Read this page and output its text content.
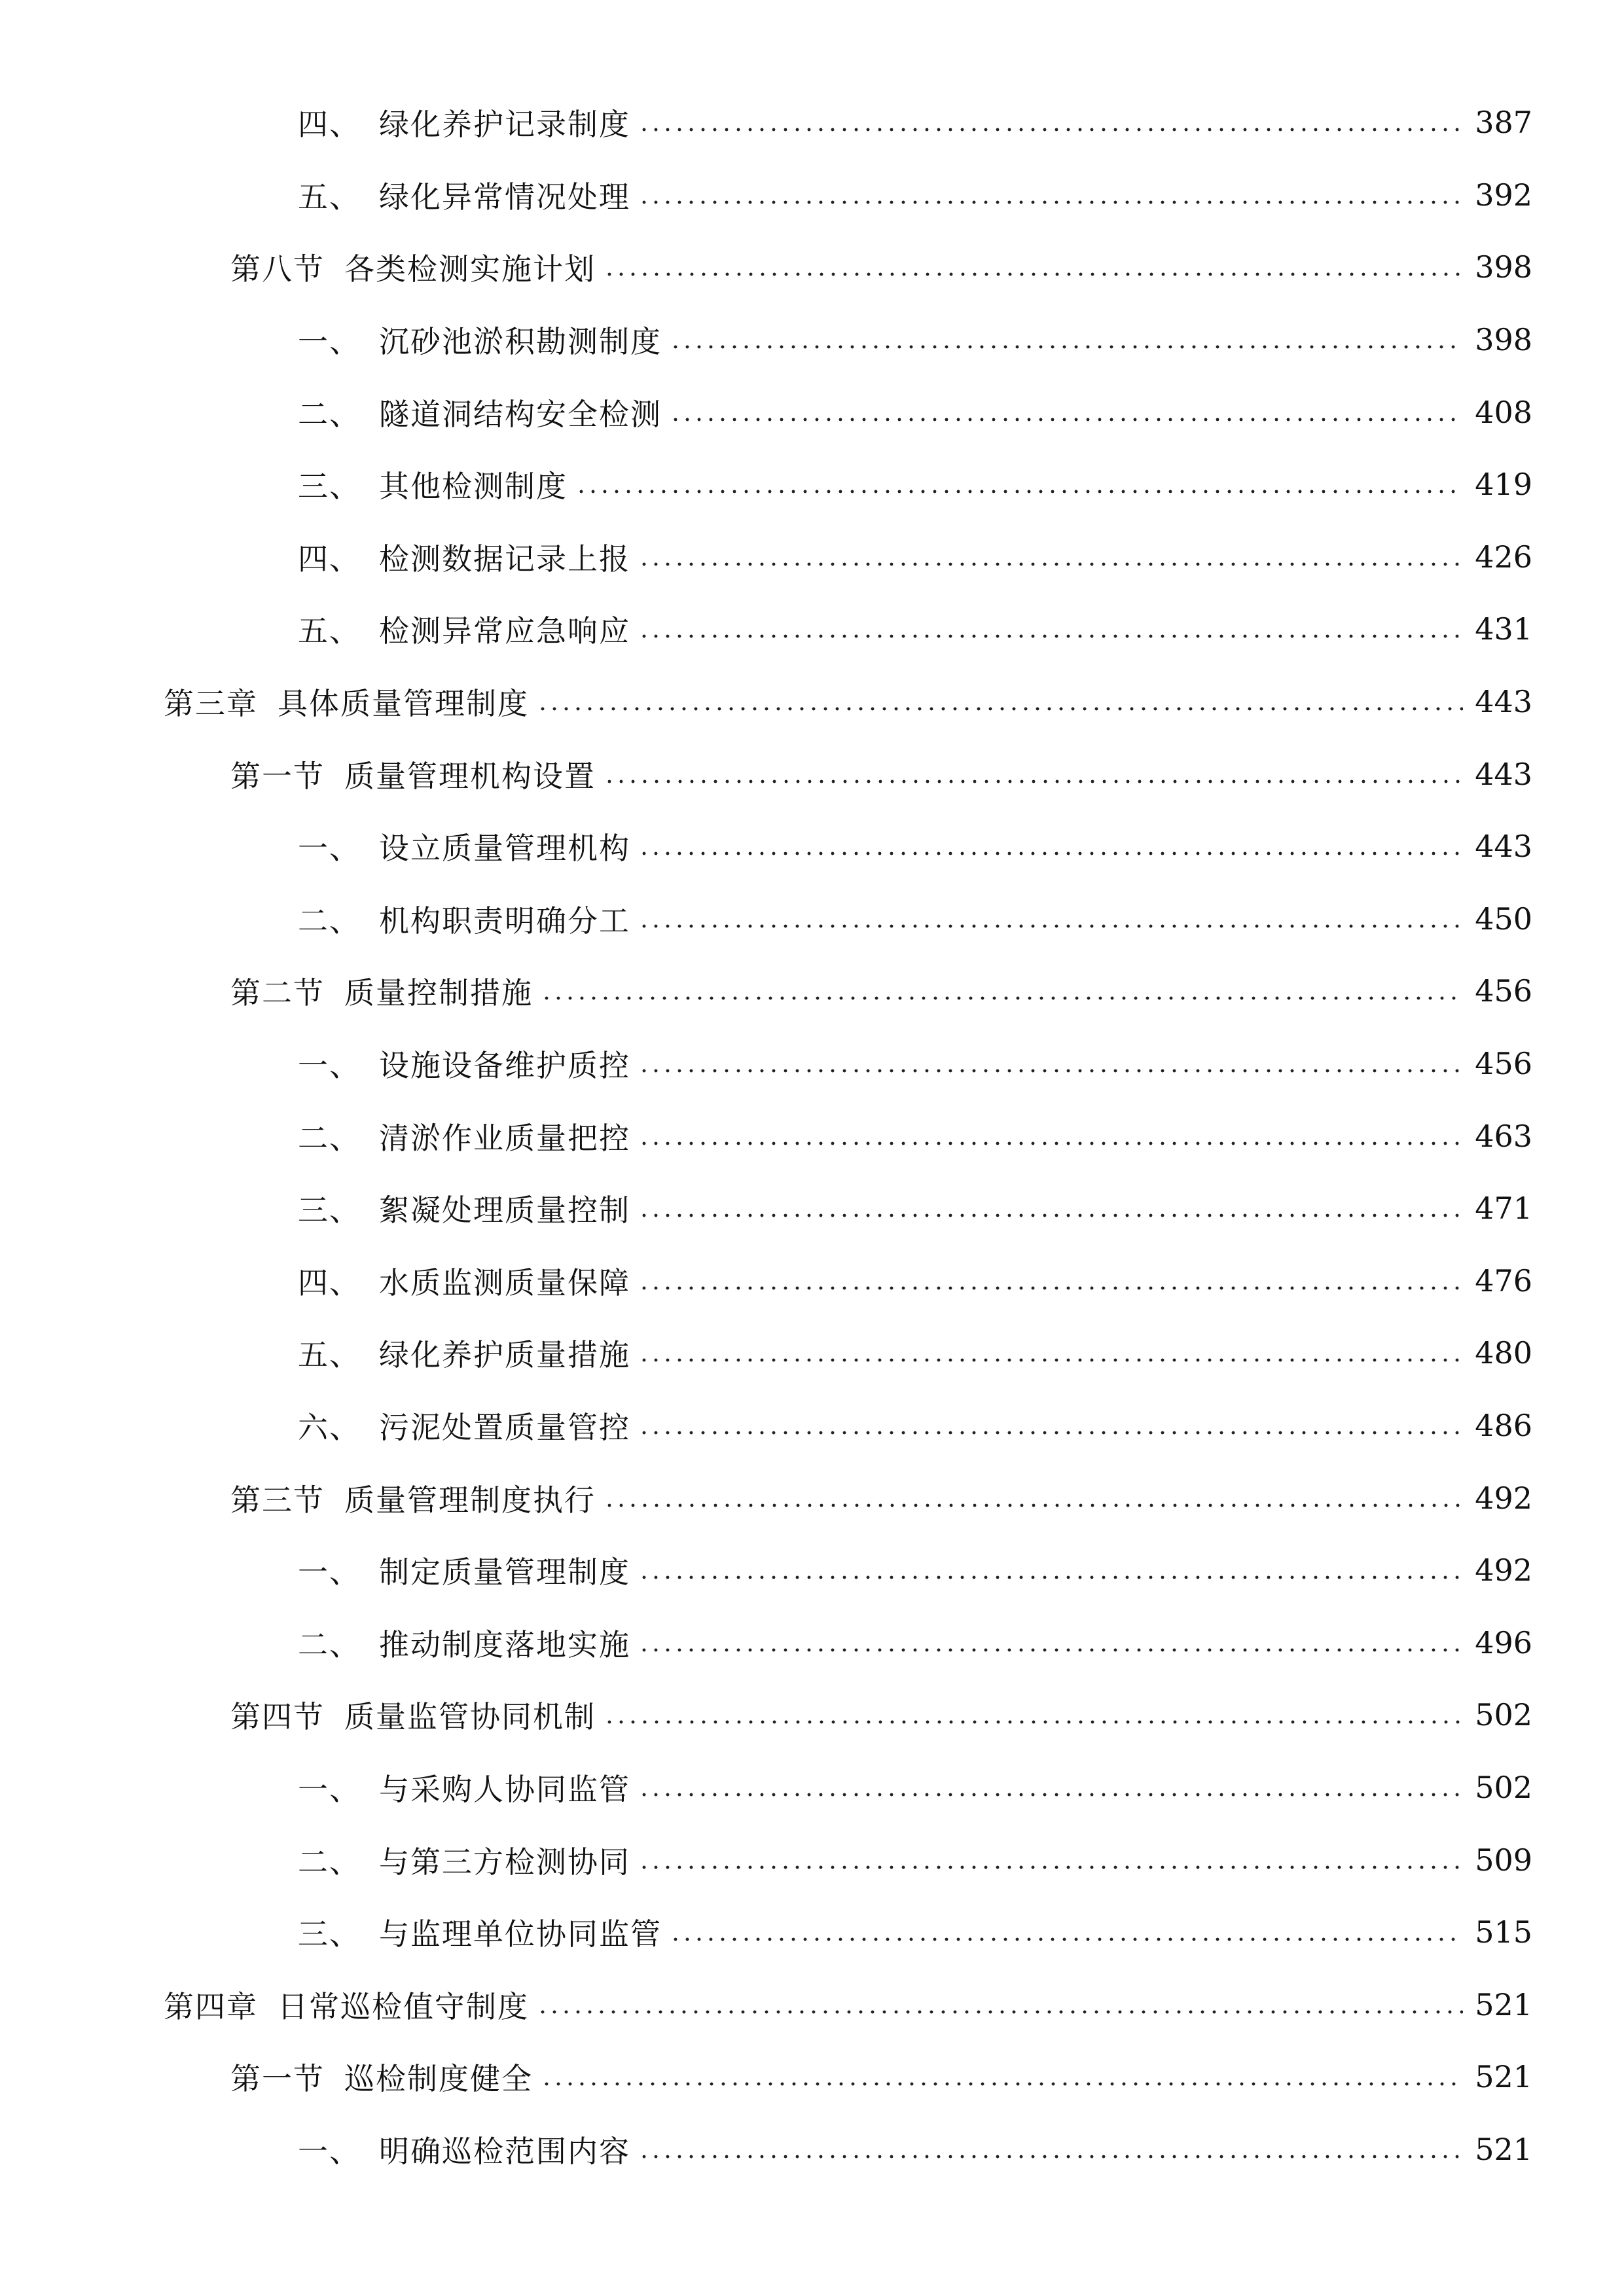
四、 绿化养护记录制度	387
五、 绿化异常情况处理	392
第八节 各类检测实施计划	398
一、 沉砂池淤积勘测制度	398
二、 隧道洞结构安全检测	408
三、 其他检测制度	419
四、 检测数据记录上报	426
五、 检测异常应急响应	431
第三章 具体质量管理制度	443
第一节 质量管理机构设置	443
一、 设立质量管理机构	443
二、 机构职责明确分工	450
第二节 质量控制措施	456
一、 设施设备维护质控	456
二、 清淤作业质量把控	463
三、 絮凝处理质量控制	471
四、 水质监测质量保障	476
五、 绿化养护质量措施	480
六、 污泥处置质量管控	486
第三节 质量管理制度执行	492
一、 制定质量管理制度	492
二、 推动制度落地实施	496
第四节 质量监管协同机制	502
一、 与采购人协同监管	502
二、 与第三方检测协同	509
三、 与监理单位协同监管	515
第四章 日常巡检值守制度	521
第一节 巡检制度健全	521
一、 明确巡检范围内容	521
